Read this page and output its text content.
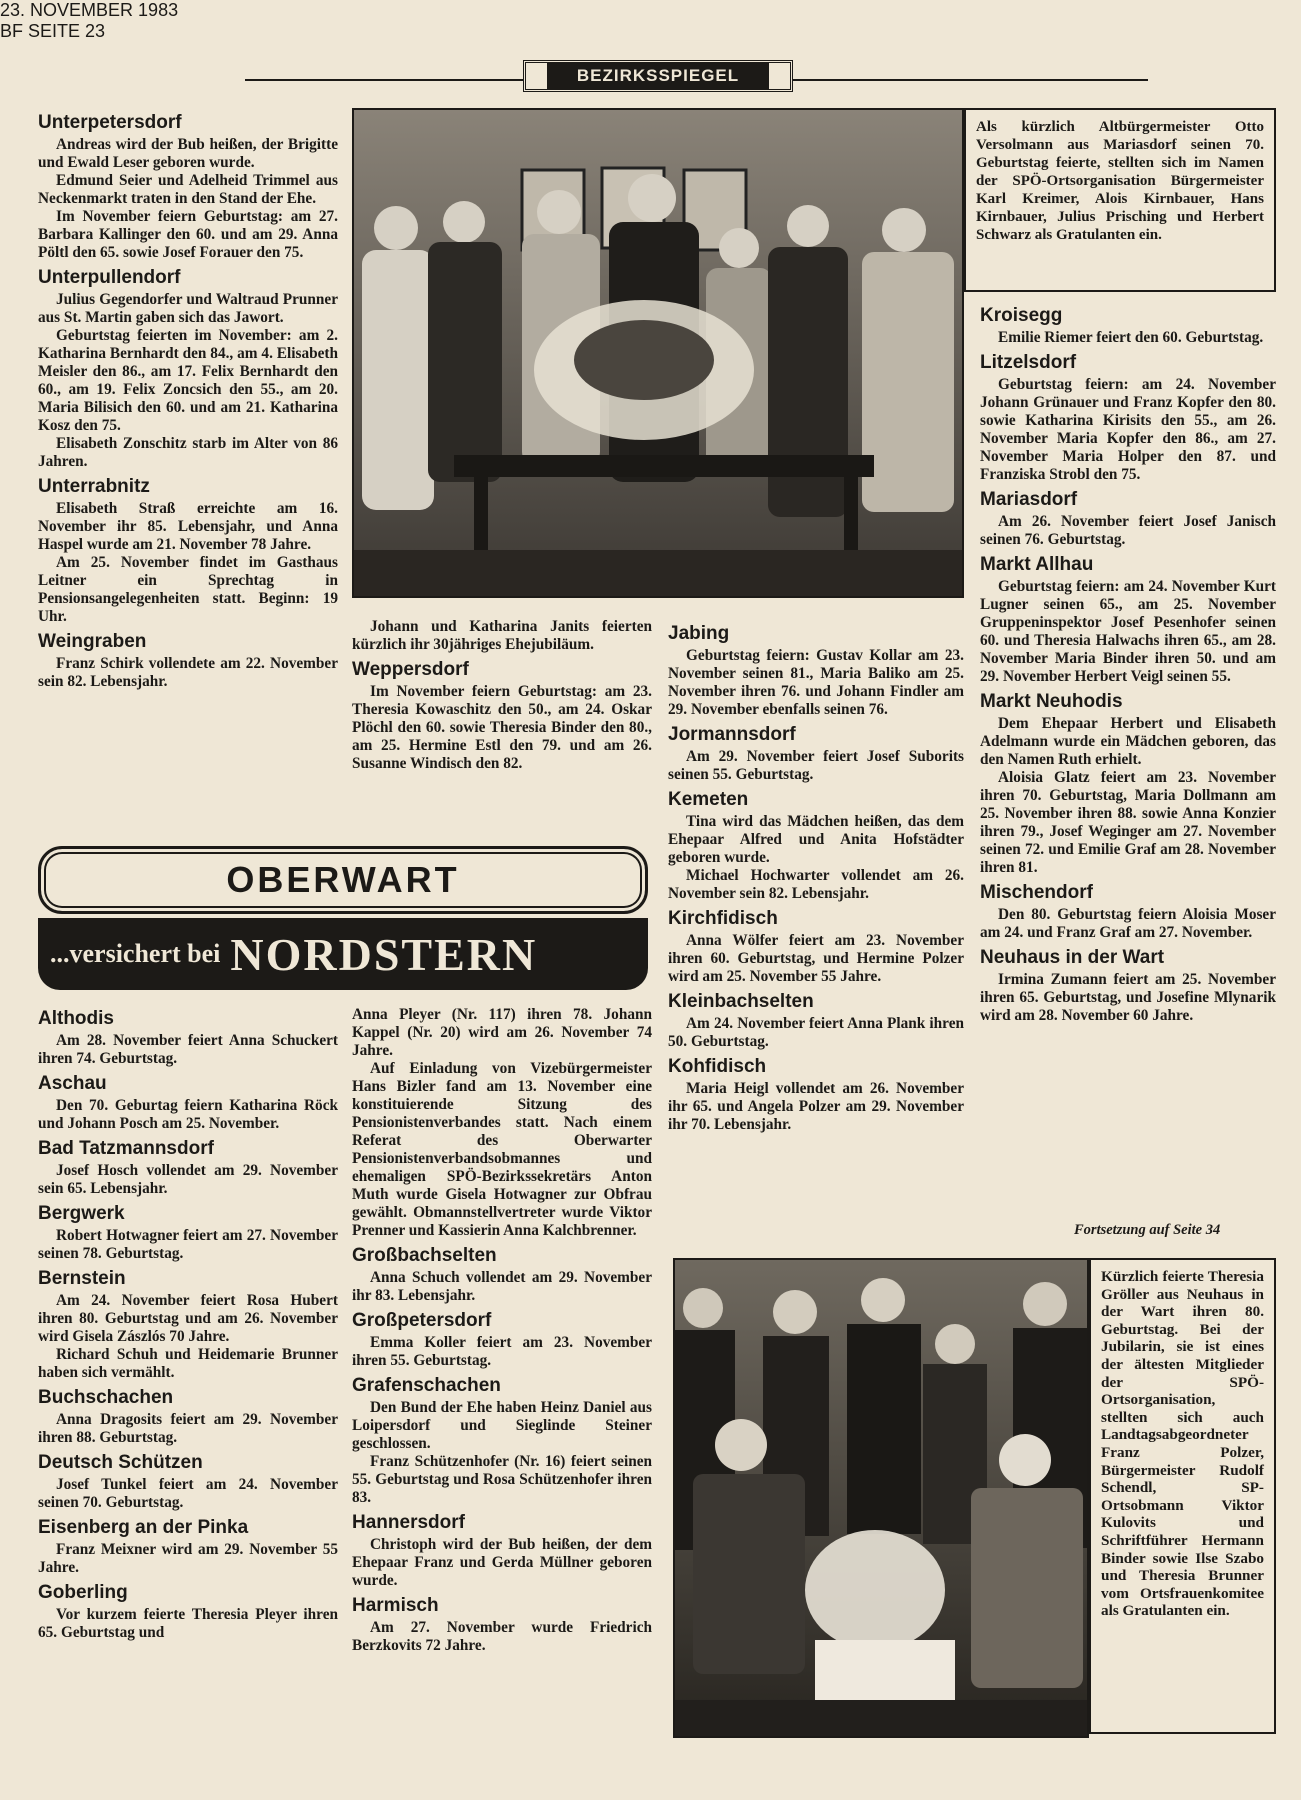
23. NOVEMBER 1983
BEZIRKSSPIEGEL
BF SEITE 23
Als kürzlich Altbürgermeister Otto Versolmann aus Mariasdorf seinen 70. Geburtstag feierte, stellten sich im Namen der SPÖ-Ortsorganisation Bürgermeister Karl Kreimer, Alois Kirnbauer, Hans Kirnbauer, Julius Prisching und Herbert Schwarz als Gratulanten ein.
Unterpetersdorf

Andreas wird der Bub heißen, der Brigitte und Ewald Leser geboren wurde.

Edmund Seier und Adelheid Trimmel aus Neckenmarkt traten in den Stand der Ehe.

Im November feiern Geburtstag: am 27. Barbara Kallinger den 60. und am 29. Anna Pöltl den 65. sowie Josef Forauer den 75.

Unterpullendorf

Julius Gegendorfer und Waltraud Prunner aus St. Martin gaben sich das Jawort.

Geburtstag feierten im November: am 2. Katharina Bernhardt den 84., am 4. Elisabeth Meisler den 86., am 17. Felix Bernhardt den 60., am 19. Felix Zoncsich den 55., am 20. Maria Bilisich den 60. und am 21. Katharina Kosz den 75.

Elisabeth Zonschitz starb im Alter von 86 Jahren.

Unterrabnitz

Elisabeth Straß erreichte am 16. November ihr 85. Lebensjahr, und Anna Haspel wurde am 21. November 78 Jahre.

Am 25. November findet im Gasthaus Leitner ein Sprechtag in Pensionsangelegenheiten statt. Beginn: 19 Uhr.

Weingraben

Franz Schirk vollendete am 22. November sein 82. Lebensjahr.

Johann und Katharina Janits feierten kürzlich ihr 30jähriges Ehejubiläum.

Weppersdorf

Im November feiern Geburtstag: am 23. Theresia Kowaschitz den 50., am 24. Oskar Plöchl den 60. sowie Theresia Binder den 80., am 25. Hermine Estl den 79. und am 26. Susanne Windisch den 82.

Jabing

Geburtstag feiern: Gustav Kollar am 23. November seinen 81., Maria Baliko am 25. November ihren 76. und Johann Findler am 29. November ebenfalls seinen 76.

Jormannsdorf

Am 29. November feiert Josef Suborits seinen 55. Geburtstag.

Kemeten

Tina wird das Mädchen heißen, das dem Ehepaar Alfred und Anita Hofstädter geboren wurde.

Michael Hochwarter vollendet am 26. November sein 82. Lebensjahr.

Kirchfidisch

Anna Wölfer feiert am 23. November ihren 60. Geburtstag, und Hermine Polzer wird am 25. November 55 Jahre.

Kleinbachselten

Am 24. November feiert Anna Plank ihren 50. Geburtstag.

Kohfidisch

Maria Heigl vollendet am 26. November ihr 65. und Angela Polzer am 29. November ihr 70. Lebensjahr.

Kroisegg

Emilie Riemer feiert den 60. Geburtstag.

Litzelsdorf

Geburtstag feiern: am 24. November Johann Grünauer und Franz Kopfer den 80. sowie Katharina Kirisits den 55., am 26. November Maria Kopfer den 86., am 27. November Maria Holper den 87. und Franziska Strobl den 75.

Mariasdorf

Am 26. November feiert Josef Janisch seinen 76. Geburtstag.

Markt Allhau

Geburtstag feiern: am 24. November Kurt Lugner seinen 65., am 25. November Gruppeninspektor Josef Pesenhofer seinen 60. und Theresia Halwachs ihren 65., am 28. November Maria Binder ihren 50. und am 29. November Herbert Veigl seinen 55.

Markt Neuhodis

Dem Ehepaar Herbert und Elisabeth Adelmann wurde ein Mädchen geboren, das den Namen Ruth erhielt.

Aloisia Glatz feiert am 23. November ihren 70. Geburtstag, Maria Dollmann am 25. November ihren 88. sowie Anna Konzier ihren 79., Josef Weginger am 27. November seinen 72. und Emilie Graf am 28. November ihren 81.

Mischendorf

Den 80. Geburtstag feiern Aloisia Moser am 24. und Franz Graf am 27. November.

Neuhaus in der Wart

Irmina Zumann feiert am 25. November ihren 65. Geburtstag, und Josefine Mlynarik wird am 28. November 60 Jahre.

Fortsetzung auf Seite 34
OBERWART
...versichert bei NORDSTERN
Althodis

Am 28. November feiert Anna Schuckert ihren 74. Geburtstag.

Aschau

Den 70. Geburtag feiern Katharina Röck und Johann Posch am 25. November.

Bad Tatzmannsdorf

Josef Hosch vollendet am 29. November sein 65. Lebensjahr.

Bergwerk

Robert Hotwagner feiert am 27. November seinen 78. Geburtstag.

Bernstein

Am 24. November feiert Rosa Hubert ihren 80. Geburtstag und am 26. November wird Gisela Zászlós 70 Jahre.

Richard Schuh und Heidemarie Brunner haben sich vermählt.

Buchschachen

Anna Dragosits feiert am 29. November ihren 88. Geburtstag.

Deutsch Schützen

Josef Tunkel feiert am 24. November seinen 70. Geburtstag.

Eisenberg an der Pinka

Franz Meixner wird am 29. November 55 Jahre.

Goberling

Vor kurzem feierte Theresia Pleyer ihren 65. Geburtstag und

Anna Pleyer (Nr. 117) ihren 78. Johann Kappel (Nr. 20) wird am 26. November 74 Jahre.

Auf Einladung von Vizebürgermeister Hans Bizler fand am 13. November eine konstituierende Sitzung des Pensionistenverbandes statt. Nach einem Referat des Oberwarter Pensionistenverbandsobmannes und ehemaligen SPÖ-Bezirkssekretärs Anton Muth wurde Gisela Hotwagner zur Obfrau gewählt. Obmannstellvertreter wurde Viktor Prenner und Kassierin Anna Kalchbrenner.

Großbachselten

Anna Schuch vollendet am 29. November ihr 83. Lebensjahr.

Großpetersdorf

Emma Koller feiert am 23. November ihren 55. Geburtstag.

Grafenschachen

Den Bund der Ehe haben Heinz Daniel aus Loipersdorf und Sieglinde Steiner geschlossen.

Franz Schützenhofer (Nr. 16) feiert seinen 55. Geburtstag und Rosa Schützenhofer ihren 83.

Hannersdorf

Christoph wird der Bub heißen, der dem Ehepaar Franz und Gerda Müllner geboren wurde.

Harmisch

Am 27. November wurde Friedrich Berzkovits 72 Jahre.

Kürzlich feierte Theresia Gröller aus Neuhaus in der Wart ihren 80. Geburtstag. Bei der Jubilarin, sie ist eines der ältesten Mitglieder der SPÖ-Ortsorganisation, stellten sich auch Landtagsabgeordneter Franz Polzer, Bürgermeister Rudolf Schendl, SP-Ortsobmann Viktor Kulovits und Schriftführer Hermann Binder sowie Ilse Szabo und Theresia Brunner vom Ortsfrauenkomitee als Gratulanten ein.
